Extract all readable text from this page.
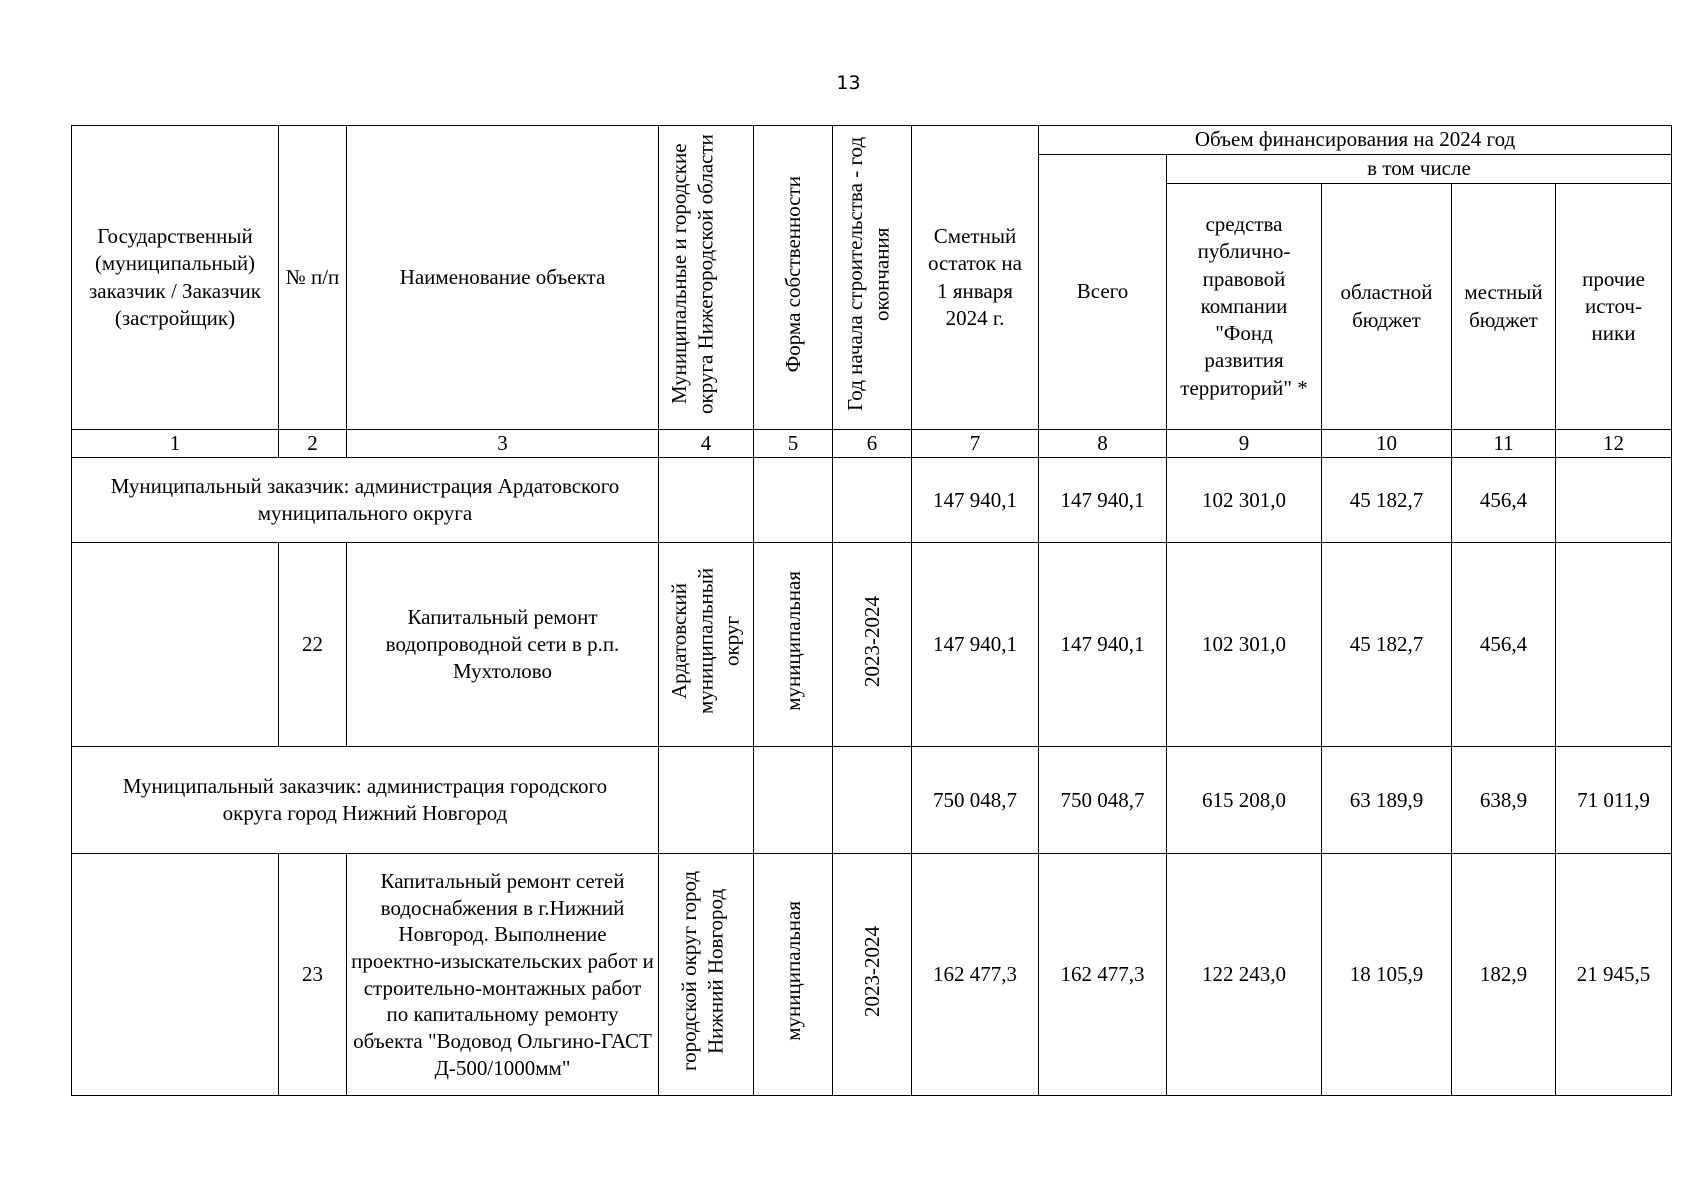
13
Государственный (муниципальный) заказчик / Заказчик (застройщик)	№ п/п	Наименование объекта	Муниципальные и городские округа Нижегородской области	Форма собственности	Год начала строительства - год окончания	Сметный остаток на 1 января 2024 г.	Объем финансирования на 2024 год				
							Всего	в том числе			
								средства публично-правовой компании "Фонд развития территорий" *	областной бюджет	местный бюджет	прочие источ-ники
1	2	3	4	5	6	7	8	9	10	11	12
Муниципальный заказчик: администрация Ардатовского муниципального округа						147 940,1	147 940,1	102 301,0	45 182,7	456,4	
	22	Капитальный ремонт водопроводной сети в р.п. Мухтолово	Ардатовский муниципальный округ	муниципальная	2023-2024	147 940,1	147 940,1	102 301,0	45 182,7	456,4	
Муниципальный заказчик: администрация городского округа город Нижний Новгород						750 048,7	750 048,7	615 208,0	63 189,9	638,9	71 011,9
	23	Капитальный ремонт сетей водоснабжения в г.Нижний Новгород. Выполнение проектно-изыскательских работ и строительно-монтажных работ по капитальному ремонту объекта "Водовод Ольгино-ГАСТ Д-500/1000мм"	городской округ город Нижний Новгород	муниципальная	2023-2024	162 477,3	162 477,3	122 243,0	18 105,9	182,9	21 945,5
